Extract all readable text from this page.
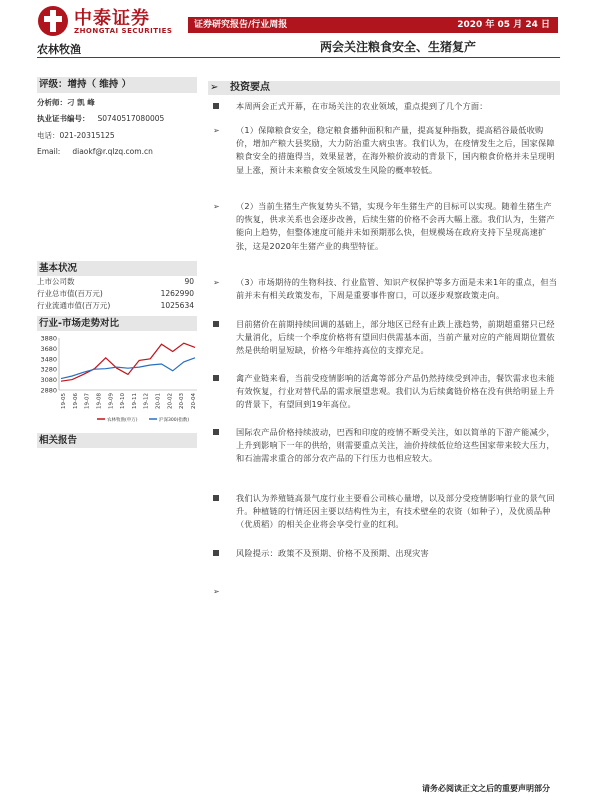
中泰证券
ZHONGTAI SECURITIES
证券研究报告/行业周报	2020 年 05 月 24 日
农林牧渔	两会关注粮食安全、生猪复产
评级：增持（ 维持 ）
分析师：刁 凯 峰
执业证书编号： S0740517080005
电话：021-20315125
Email: diaokf@r.qlzq.com.cn
基本状况
上市公司数	90
行业总市值(百万元)	1262990
行业流通市值(百万元)	1025634
行业-市场走势对比
2880
3080
3280
3480
3680
3880
19-05 19-06 19-07 19-08 19-09 19-10 19-11 19-12 20-01 20-02 20-03 20-04
农林牧渔(申万)	沪深300(指数)
相关报告
➢ 投资要点
本周两会正式开幕，在市场关注的农业领域，重点提到了几个方面：
➢ （1）保障粮食安全，稳定粮食播种面积和产量，提高复种指数，提高稻谷最低收购价，增加产粮大县奖励，大力防治重大病虫害。我们认为，在疫情发生之后，国家保障粮食安全的措施得当，效果显著，在海外粮价波动的背景下，国内粮食价格并未呈现明显上涨，预计未来粮食安全领域发生风险的概率较低。
➢ （2）当前生猪生产恢复势头不错，实现今年生猪生产的目标可以实现。随着生猪生产的恢复，供求关系也会逐步改善，后续生猪的价格不会再大幅上涨。我们认为，生猪产能向上趋势，但整体速度可能并未如预期那么快，但规模场在政府支持下呈现高速扩张，这是2020年生猪产业的典型特征。
➢ （3）市场期待的生物科技、行业监管、知识产权保护等多方面是未来1年的重点，但当前并未有相关政策发布，下周是重要事件窗口，可以逐步观察政策走向。
目前猪价在前期持续回调的基础上，部分地区已经有止跌上涨趋势，前期超重猪只已经大量消化，后续一个季度价格将有望回归供需基本面，当前产量对应的产能周期位置依然是供给明显短缺，价格今年维持高位的支撑充足。
禽产业链来看，当前受疫情影响的活禽等部分产品仍然持续受到冲击，餐饮需求也未能有效恢复，行业对替代品的需求展望悲观。我们认为后续禽链价格在没有供给明显上升的背景下，有望回到19年高位。
国际农产品价格持续波动，巴西和印度的疫情不断受关注，如以简单的下游产能减少，上升到影响下一年的供给，则需要重点关注，油价持续低位给这些国家带来较大压力，和石油需求重合的部分农产品的下行压力也相应较大。
我们认为养殖链高景气度行业主要看公司核心量增，以及部分受疫情影响行业的景气回升。种植链的行情还因主要以结构性为主，有技术壁垒的农资（如种子），及优质品种（优质稻）的相关企业将会享受行业的红利。
风险提示：政策不及预期、价格不及预期、出现灾害
➢
请务必阅读正文之后的重要声明部分
